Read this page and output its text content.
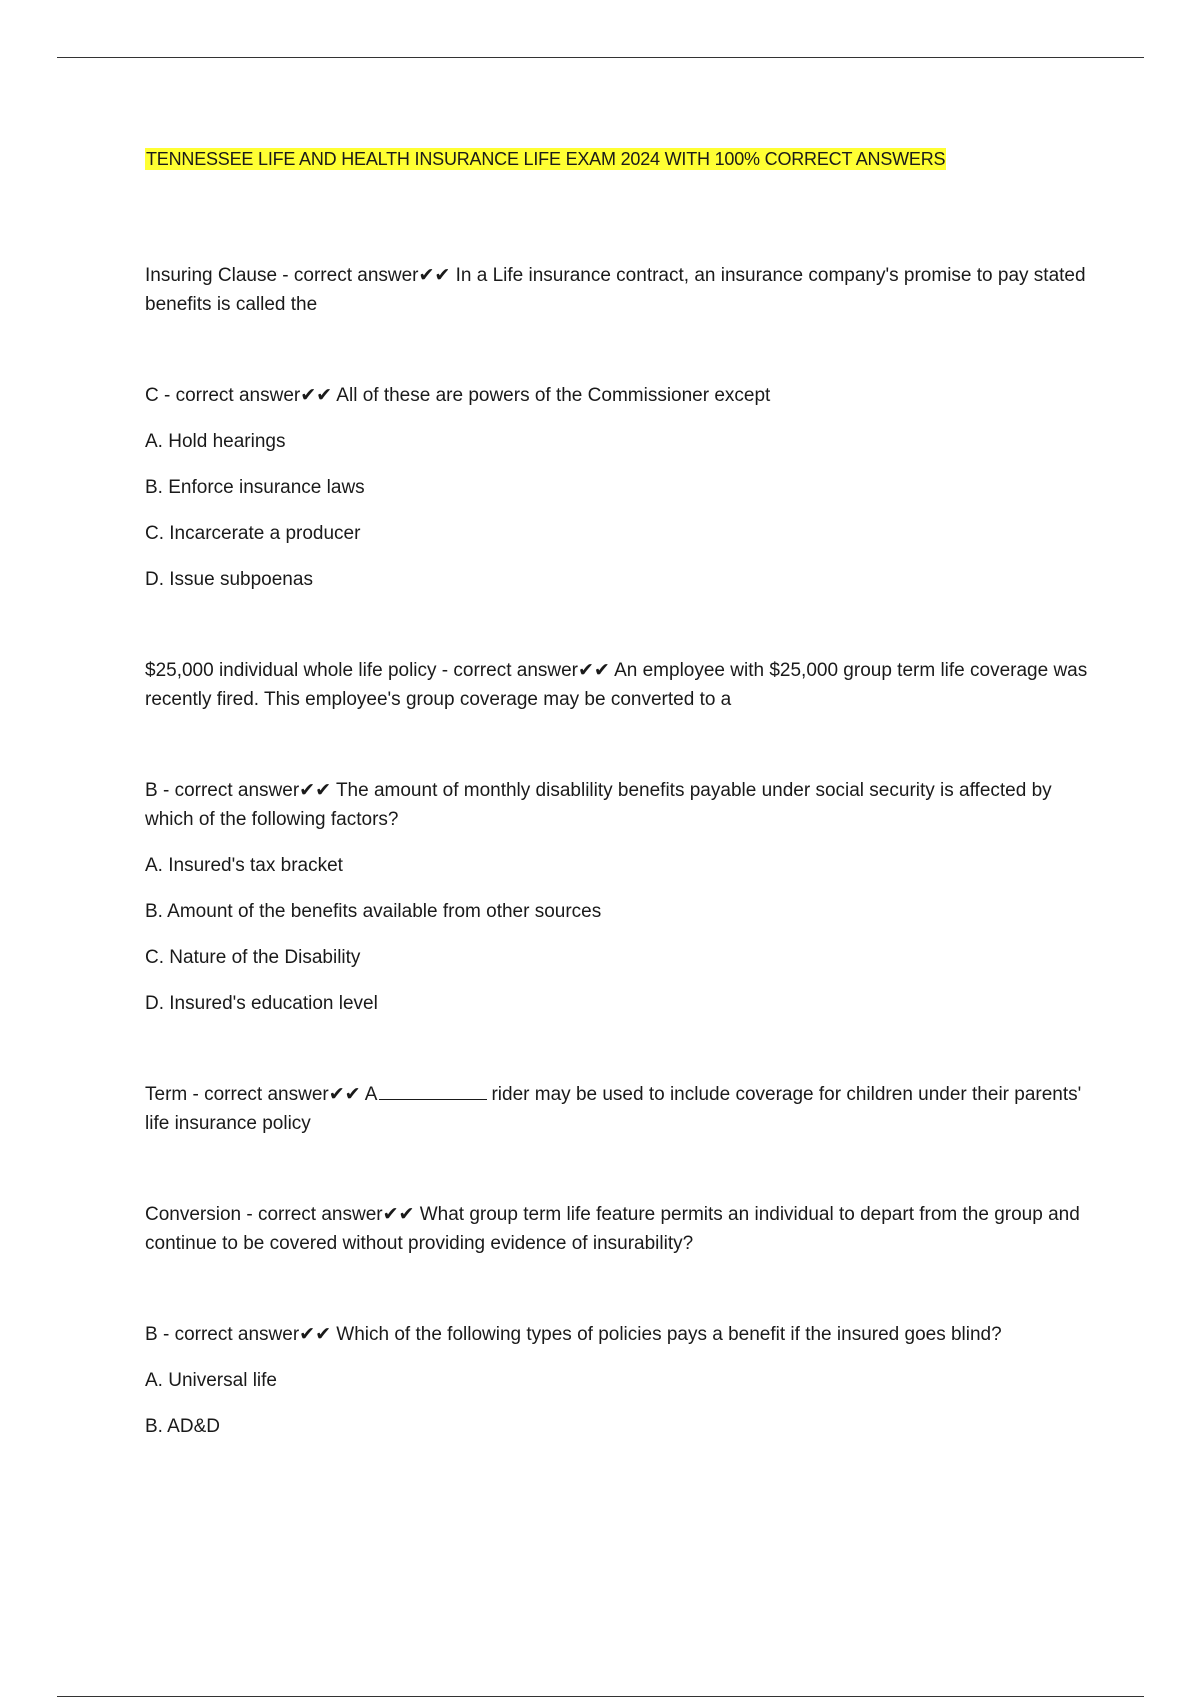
TENNESSEE LIFE AND HEALTH INSURANCE LIFE EXAM 2024 WITH 100% CORRECT ANSWERS

Insuring Clause - correct answer✔✔ In a Life insurance contract, an insurance company's promise to pay stated benefits is called the

C - correct answer✔✔ All of these are powers of the Commissioner except

A. Hold hearings
B. Enforce insurance laws
C. Incarcerate a producer
D. Issue subpoenas

$25,000 individual whole life policy - correct answer✔✔ An employee with $25,000 group term life coverage was recently fired. This employee's group coverage may be converted to a

B - correct answer✔✔ The amount of monthly disablility benefits payable under social security is affected by which of the following factors?

A. Insured's tax bracket
B. Amount of the benefits available from other sources
C. Nature of the Disability
D. Insured's education level

Term - correct answer✔✔ A	rider may be used to include coverage for children under their parents' life insurance policy

Conversion - correct answer✔✔ What group term life feature permits an individual to depart from the group and continue to be covered without providing evidence of insurability?

B - correct answer✔✔ Which of the following types of policies pays a benefit if the insured goes blind?

A. Universal life
B. AD&D
